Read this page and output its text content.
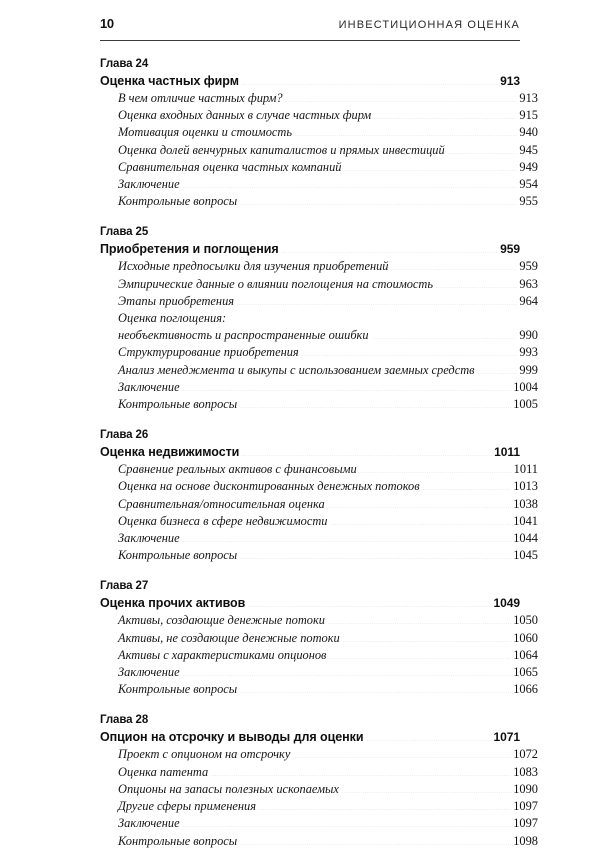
10	ИНВЕСТИЦИОННАЯ ОЦЕНКА
Глава 24
Оценка частных фирм	913
В чем отличие частных фирм?	913
Оценка входных данных в случае частных фирм	915
Мотивация оценки и стоимость	940
Оценка долей венчурных капиталистов и прямых инвестиций	945
Сравнительная оценка частных компаний	949
Заключение	954
Контрольные вопросы	955
Глава 25
Приобретения и поглощения	959
Исходные предпосылки для изучения приобретений	959
Эмпирические данные о влиянии поглощения на стоимость	963
Этапы приобретения	964
Оценка поглощения:
необъективность и распространенные ошибки	990
Структурирование приобретения	993
Анализ менеджмента и выкупы с использованием заемных средств	999
Заключение	1004
Контрольные вопросы	1005
Глава 26
Оценка недвижимости	1011
Сравнение реальных активов с финансовыми	1011
Оценка на основе дисконтированных денежных потоков	1013
Сравнительная/относительная оценка	1038
Оценка бизнеса в сфере недвижимости	1041
Заключение	1044
Контрольные вопросы	1045
Глава 27
Оценка прочих активов	1049
Активы, создающие денежные потоки	1050
Активы, не создающие денежные потоки	1060
Активы с характеристиками опционов	1064
Заключение	1065
Контрольные вопросы	1066
Глава 28
Опцион на отсрочку и выводы для оценки	1071
Проект с опционом на отсрочку	1072
Оценка патента	1083
Опционы на запасы полезных ископаемых	1090
Другие сферы применения	1097
Заключение	1097
Контрольные вопросы	1098
